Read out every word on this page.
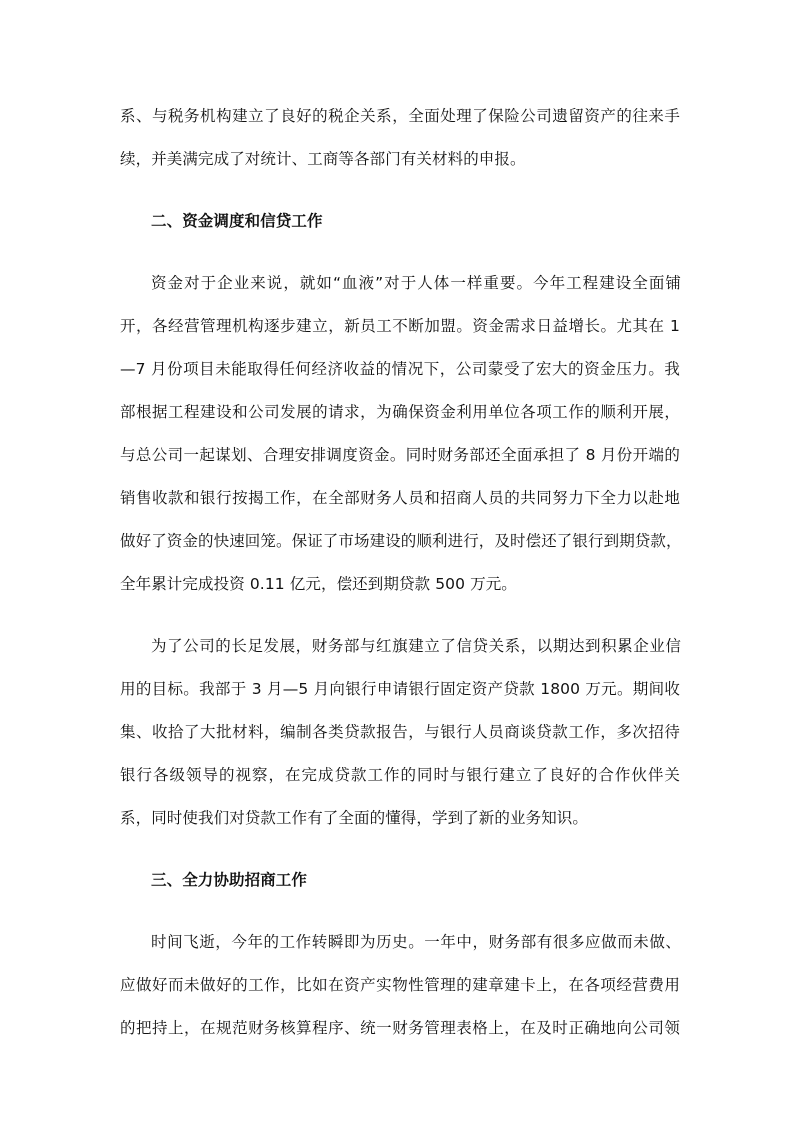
系、与税务机构建立了良好的税企关系，全面处理了保险公司遗留资产的往来手
续，并美满完成了对统计、工商等各部门有关材料的申报。
二、资金调度和信贷工作
资金对于企业来说，就如“血液”对于人体一样重要。今年工程建设全面铺
开，各经营管理机构逐步建立，新员工不断加盟。资金需求日益增长。尤其在 1
—7 月份项目未能取得任何经济收益的情况下，公司蒙受了宏大的资金压力。我
部根据工程建设和公司发展的请求，为确保资金利用单位各项工作的顺利开展，
与总公司一起谋划、合理安排调度资金。同时财务部还全面承担了 8 月份开端的
销售收款和银行按揭工作，在全部财务人员和招商人员的共同努力下全力以赴地
做好了资金的快速回笼。保证了市场建设的顺利进行，及时偿还了银行到期贷款，
全年累计完成投资 0.11 亿元，偿还到期贷款 500 万元。
为了公司的长足发展，财务部与红旗建立了信贷关系，以期达到积累企业信
用的目标。我部于 3 月—5 月向银行申请银行固定资产贷款 1800 万元。期间收
集、收拾了大批材料，编制各类贷款报告，与银行人员商谈贷款工作，多次招待
银行各级领导的视察，在完成贷款工作的同时与银行建立了良好的合作伙伴关
系，同时使我们对贷款工作有了全面的懂得，学到了新的业务知识。
三、全力协助招商工作
时间飞逝，今年的工作转瞬即为历史。一年中，财务部有很多应做而未做、
应做好而未做好的工作，比如在资产实物性管理的建章建卡上，在各项经营费用
的把持上，在规范财务核算程序、统一财务管理表格上，在及时正确地向公司领
